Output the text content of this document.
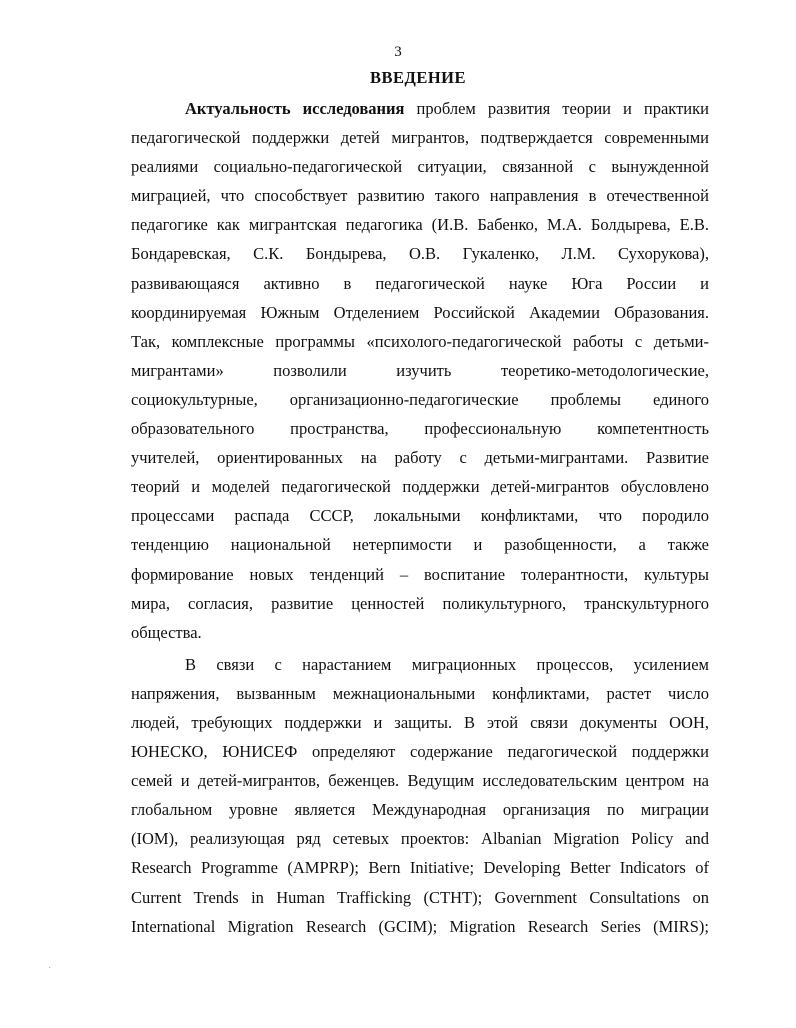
3
ВВЕДЕНИЕ
Актуальность исследования проблем развития теории и практики
педагогической поддержки детей мигрантов, подтверждается современными
реалиями социально-педагогической ситуации, связанной с вынужденной
миграцией, что способствует развитию такого направления в отечественной
педагогике как мигрантская педагогика (И.В. Бабенко, М.А. Болдырева, Е.В.
Бондаревская, С.К. Бондырева, О.В. Гукаленко, Л.М. Сухорукова),
развивающаяся активно в педагогической науке Юга России и
координируемая Южным Отделением Российской Академии Образования.
Так, комплексные программы «психолого-педагогической работы с детьми-
мигрантами» позволили изучить теоретико-методологические,
социокультурные, организационно-педагогические проблемы единого
образовательного пространства, профессиональную компетентность
учителей, ориентированных на работу с детьми-мигрантами. Развитие
теорий и моделей педагогической поддержки детей-мигрантов обусловлено
процессами распада СССР, локальными конфликтами, что породило
тенденцию национальной нетерпимости и разобщенности, а также
формирование новых тенденций – воспитание толерантности, культуры
мира, согласия, развитие ценностей поликультурного, транскультурного
общества.
В связи с нарастанием миграционных процессов, усилением
напряжения, вызванным межнациональными конфликтами, растет число
людей, требующих поддержки и защиты. В этой связи документы ООН,
ЮНЕСКО, ЮНИСЕФ определяют содержание педагогической поддержки
семей и детей-мигрантов, беженцев. Ведущим исследовательским центром на
глобальном уровне является Международная организация по миграции
(IOM), реализующая ряд сетевых проектов: Albanian Migration Policy and
Research Programme (AMPRP); Bern Initiative; Developing Better Indicators of
Current Trends in Human Trafficking (CTHT); Government Consultations on
International Migration Research (GCIM); Migration Research Series (MIRS);
·
